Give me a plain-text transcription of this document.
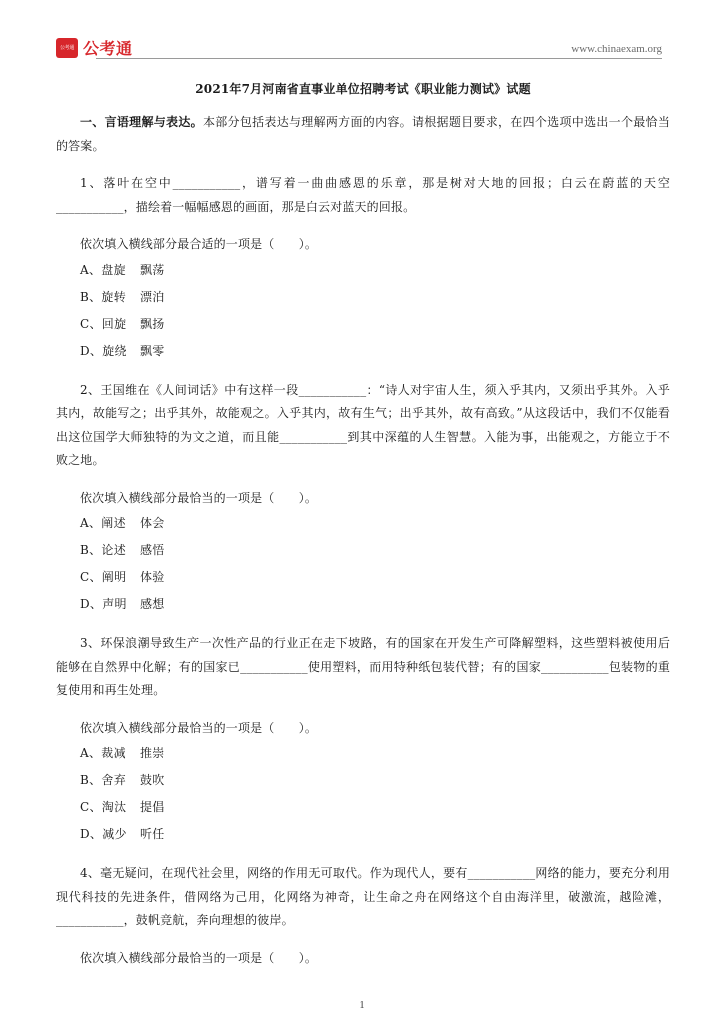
公考通 公考通	www.chinaexam.org
2021年7月河南省直事业单位招聘考试《职业能力测试》试题

一、言语理解与表达。本部分包括表达与理解两方面的内容。请根据题目要求，在四个选项中选出一个最恰当的答案。

1、落叶在空中___________，谱写着一曲曲感恩的乐章，那是树对大地的回报；白云在蔚蓝的天空___________，描绘着一幅幅感恩的画面，那是白云对蓝天的回报。

依次填入横线部分最合适的一项是（　　）。

A、盘旋 飘荡
B、旋转 漂泊
C、回旋 飘扬
D、旋绕 飘零

2、王国维在《人间词话》中有这样一段___________：“诗人对宇宙人生，须入乎其内，又须出乎其外。入乎其内，故能写之；出乎其外，故能观之。入乎其内，故有生气；出乎其外，故有高致。”从这段话中，我们不仅能看出这位国学大师独特的为文之道，而且能___________到其中深蕴的人生智慧。入能为事，出能观之，方能立于不败之地。

依次填入横线部分最恰当的一项是（　　）。

A、阐述 体会
B、论述 感悟
C、阐明 体验
D、声明 感想

3、环保浪潮导致生产一次性产品的行业正在走下坡路，有的国家在开发生产可降解塑料，这些塑料被使用后能够在自然界中化解；有的国家已___________使用塑料，而用特种纸包装代替；有的国家___________包装物的重复使用和再生处理。

依次填入横线部分最恰当的一项是（　　）。

A、裁减 推崇
B、舍弃 鼓吹
C、淘汰 提倡
D、减少 听任

4、毫无疑问，在现代社会里，网络的作用无可取代。作为现代人，要有___________网络的能力，要充分利用现代科技的先进条件，借网络为己用，化网络为神奇，让生命之舟在网络这个自由海洋里，破激流，越险滩，___________，鼓帆竞航，奔向理想的彼岸。

依次填入横线部分最恰当的一项是（　　）。

1
